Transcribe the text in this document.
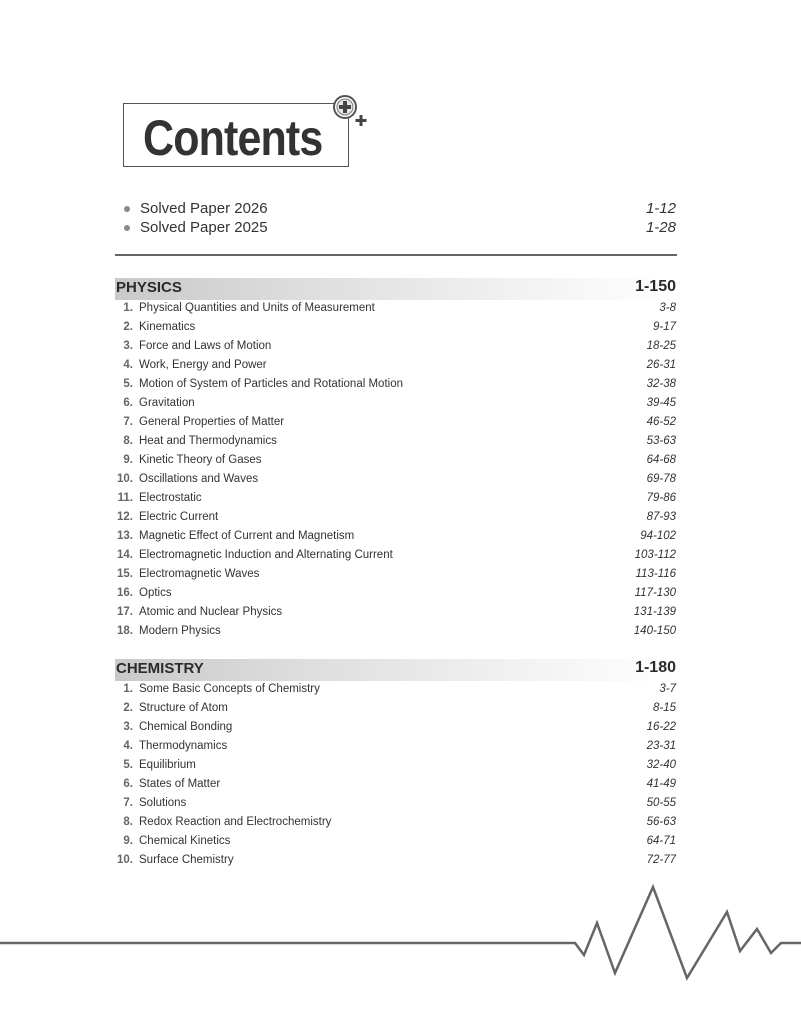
Contents
Solved Paper 2026	1-12
Solved Paper 2025	1-28
PHYSICS	1-150
1. Physical Quantities and Units of Measurement	3-8
2. Kinematics	9-17
3. Force and Laws of Motion	18-25
4. Work, Energy and Power	26-31
5. Motion of System of Particles and Rotational Motion	32-38
6. Gravitation	39-45
7. General Properties of Matter	46-52
8. Heat and Thermodynamics	53-63
9. Kinetic Theory of Gases	64-68
10. Oscillations and Waves	69-78
11. Electrostatic	79-86
12. Electric Current	87-93
13. Magnetic Effect of Current and Magnetism	94-102
14. Electromagnetic Induction and Alternating Current	103-112
15. Electromagnetic Waves	113-116
16. Optics	117-130
17. Atomic and Nuclear Physics	131-139
18. Modern Physics	140-150
CHEMISTRY	1-180
1. Some Basic Concepts of Chemistry	3-7
2. Structure of Atom	8-15
3. Chemical Bonding	16-22
4. Thermodynamics	23-31
5. Equilibrium	32-40
6. States of Matter	41-49
7. Solutions	50-55
8. Redox Reaction and Electrochemistry	56-63
9. Chemical Kinetics	64-71
10. Surface Chemistry	72-77
